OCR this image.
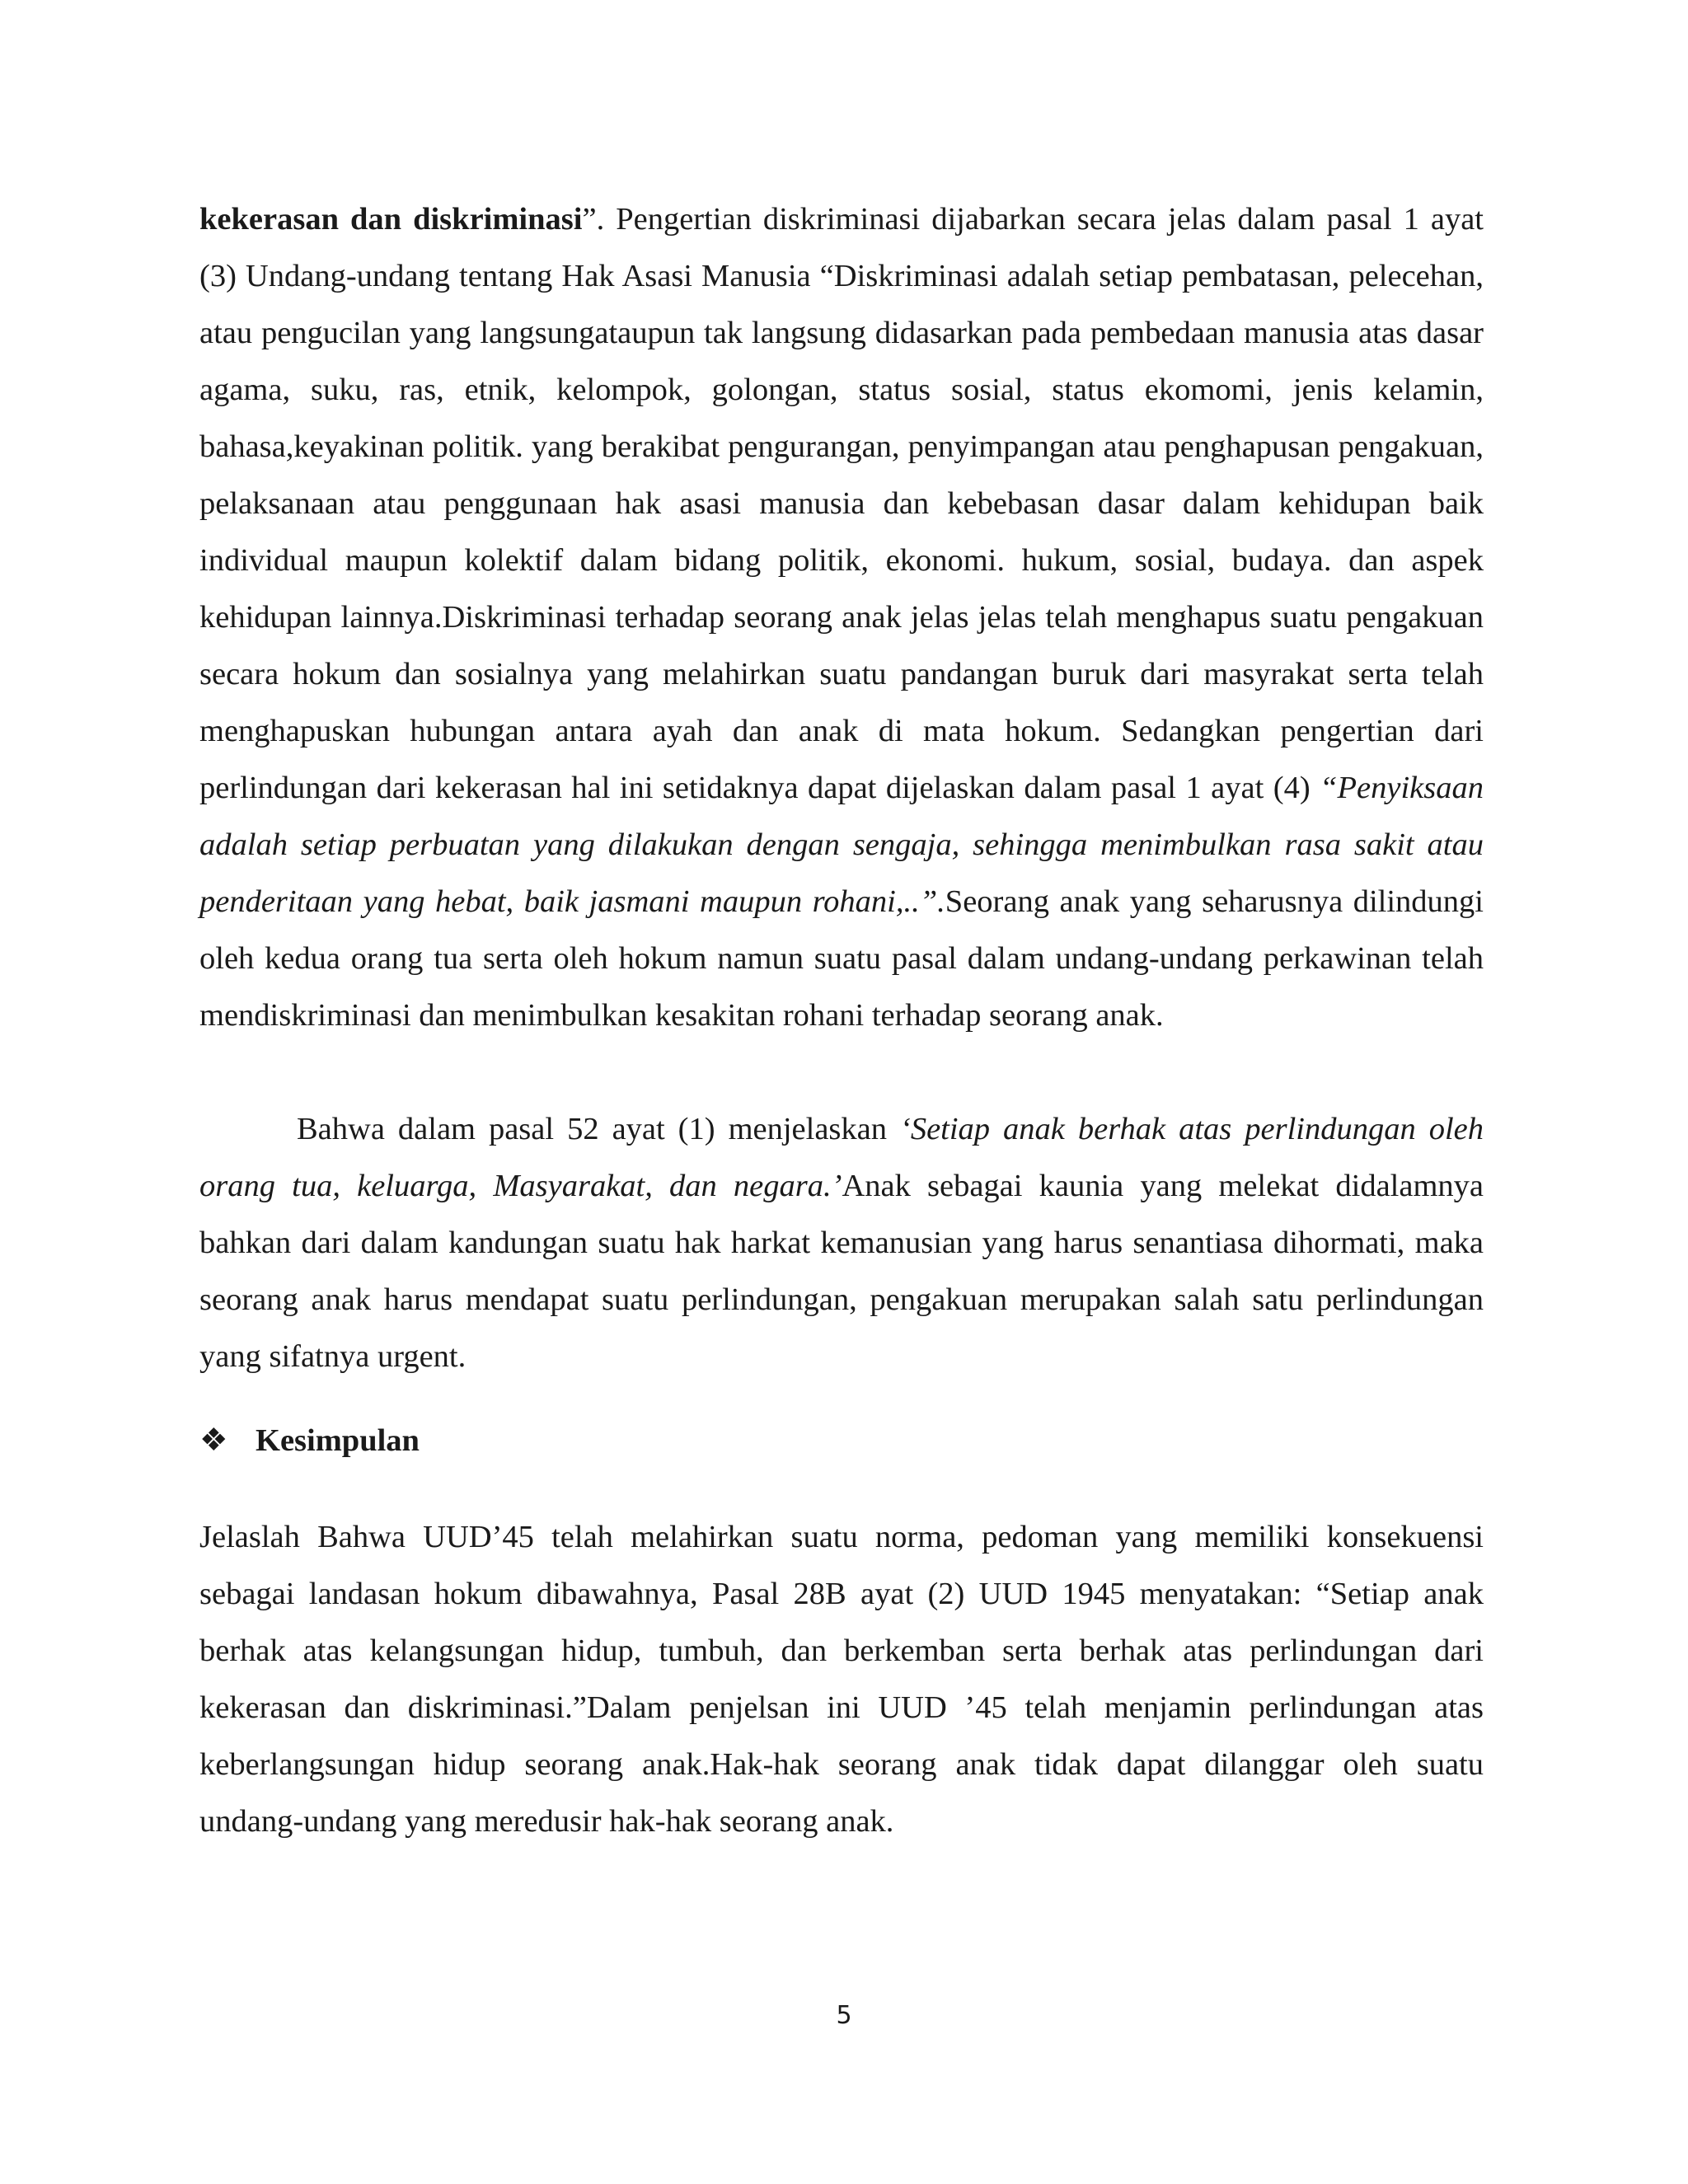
kekerasan dan diskriminasi”. Pengertian diskriminasi dijabarkan secara jelas dalam pasal 1 ayat (3) Undang-undang tentang Hak Asasi Manusia “Diskriminasi adalah setiap pembatasan, pelecehan, atau pengucilan yang langsungataupun tak langsung didasarkan pada pembedaan manusia atas dasar agama, suku, ras, etnik, kelompok, golongan, status sosial, status ekomomi, jenis kelamin, bahasa,keyakinan politik. yang berakibat pengurangan, penyimpangan atau penghapusan pengakuan, pelaksanaan atau penggunaan hak asasi manusia dan kebebasan dasar dalam kehidupan baik individual maupun kolektif dalam bidang politik, ekonomi. hukum, sosial, budaya. dan aspek kehidupan lainnya.Diskriminasi terhadap seorang anak jelas jelas telah menghapus suatu pengakuan secara hokum dan sosialnya yang melahirkan suatu pandangan buruk dari masyrakat serta telah menghapuskan hubungan antara ayah dan anak di mata hokum. Sedangkan pengertian dari perlindungan dari kekerasan hal ini setidaknya dapat dijelaskan dalam pasal 1 ayat (4) “Penyiksaan adalah setiap perbuatan yang dilakukan dengan sengaja, sehingga menimbulkan rasa sakit atau penderitaan yang hebat, baik jasmani maupun rohani,..”.Seorang anak yang seharusnya dilindungi oleh kedua orang tua serta oleh hokum namun suatu pasal dalam undang-undang perkawinan telah mendiskriminasi dan menimbulkan kesakitan rohani terhadap seorang anak.

Bahwa dalam pasal 52 ayat (1) menjelaskan ‘Setiap anak berhak atas perlindungan oleh orang tua, keluarga, Masyarakat, dan negara.’Anak sebagai kaunia yang melekat didalamnya bahkan dari dalam kandungan suatu hak harkat kemanusian yang harus senantiasa dihormati, maka seorang anak harus mendapat suatu perlindungan, pengakuan merupakan salah satu perlindungan yang sifatnya urgent.

❖ Kesimpulan

Jelaslah Bahwa UUD’45 telah melahirkan suatu norma, pedoman yang memiliki konsekuensi sebagai landasan hokum dibawahnya, Pasal 28B ayat (2) UUD 1945 menyatakan: “Setiap anak berhak atas kelangsungan hidup, tumbuh, dan berkemban serta berhak atas perlindungan dari kekerasan dan diskriminasi.”Dalam penjelsan ini UUD ’45 telah menjamin perlindungan atas keberlangsungan hidup seorang anak.Hak-hak seorang anak tidak dapat dilanggar oleh suatu undang-undang yang meredusir hak-hak seorang anak.

5
